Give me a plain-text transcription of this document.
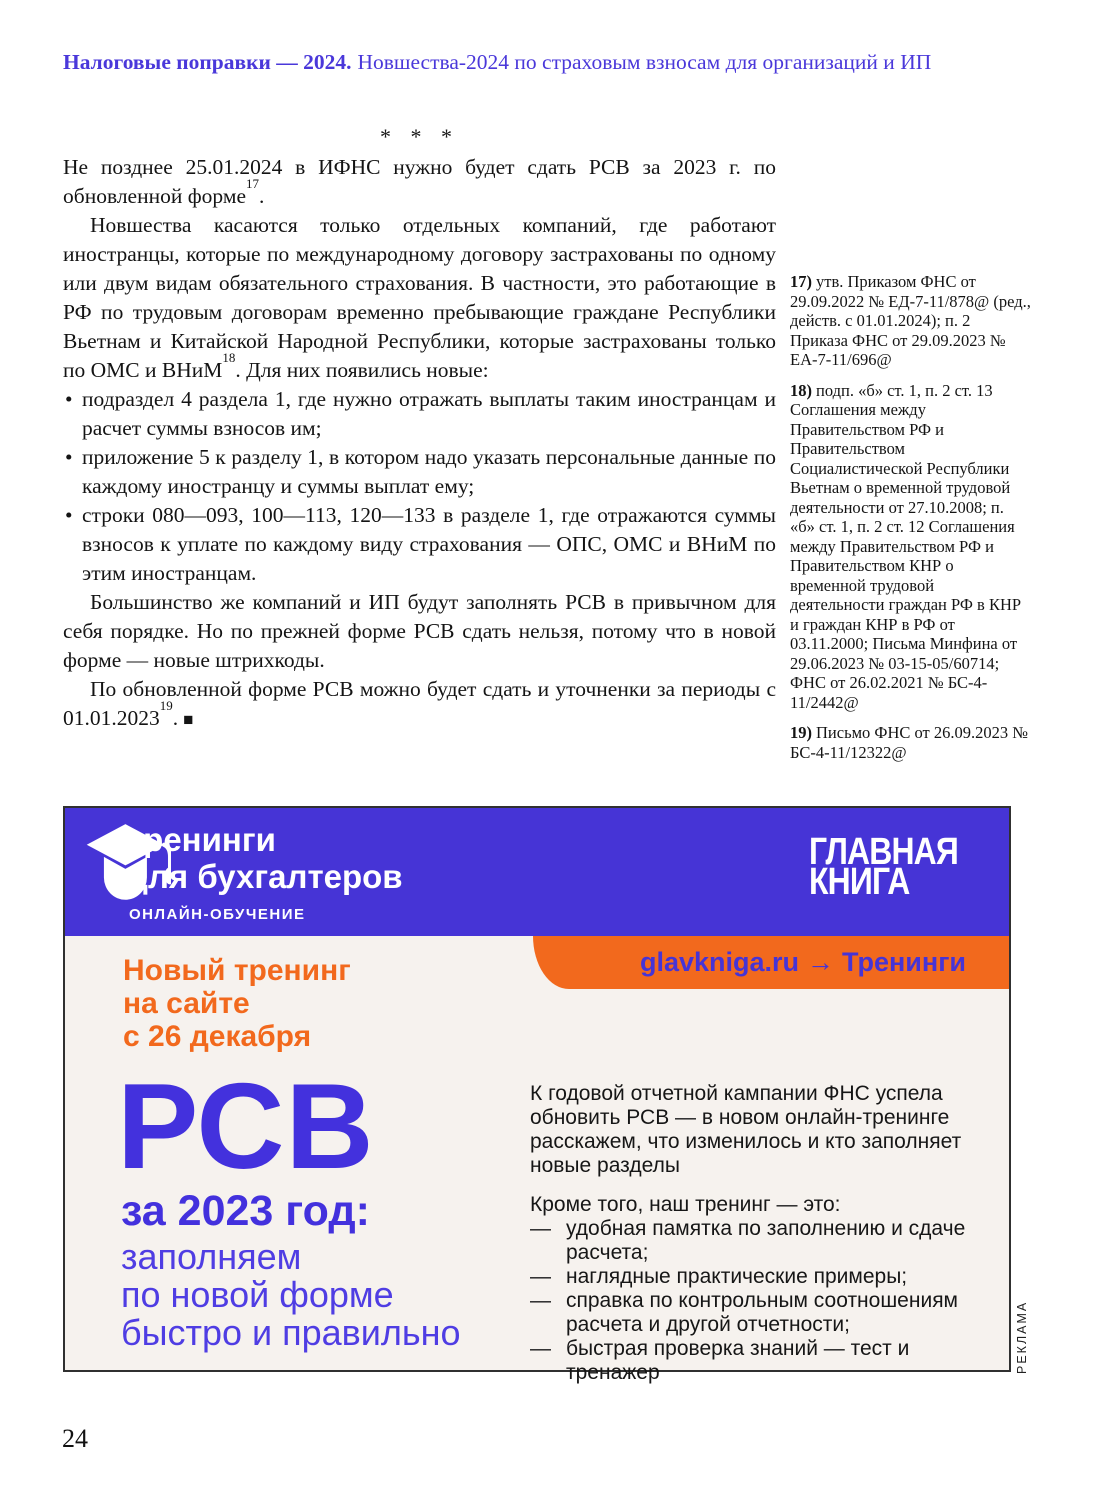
Налоговые поправки — 2024. Новшества-2024 по страховым взносам для организаций и ИП
* * *

Не позднее 25.01.2024 в ИФНС нужно будет сдать РСВ за 2023 г. по обновленной форме$^{17}$.

Новшества касаются только отдельных компаний, где работают иностранцы, которые по международному договору застрахованы по одному или двум видам обязательного страхования. В частности, это работающие в РФ по трудовым договорам временно пребывающие граждане Республики Вьетнам и Китайской Народной Республики, которые застрахованы только по ОМС и ВНиМ$^{18}$. Для них появились новые:

• подраздел 4 раздела 1, где нужно отражать выплаты таким иностранцам и расчет суммы взносов им;
• приложение 5 к разделу 1, в котором надо указать персональные данные по каждому иностранцу и суммы выплат ему;
• строки 080—093, 100—113, 120—133 в разделе 1, где отражаются суммы взносов к уплате по каждому виду страхования — ОПС, ОМС и ВНиМ по этим иностранцам.

Большинство же компаний и ИП будут заполнять РСВ в привычном для себя порядке. Но по прежней форме РСВ сдать нельзя, потому что в новой форме — новые штрихкоды.

По обновленной форме РСВ можно будет сдать и уточненки за периоды с 01.01.2023$^{19}$. ■

17) утв. Приказом ФНС от 29.09.2022 № ЕД-7-11/878@ (ред., действ. с 01.01.2024); п. 2 Приказа ФНС от 29.09.2023 № ЕА-7-11/696@
18) подп. «б» ст. 1, п. 2 ст. 13 Соглашения между Правительством РФ и Правительством Социалистической Республики Вьетнам о временной трудовой деятельности от 27.10.2008; п. «б» ст. 1, п. 2 ст. 12 Соглашения между Правительством РФ и Правительством КНР о временной трудовой деятельности граждан РФ в КНР и граждан КНР в РФ от 03.11.2000; Письма Минфина от 29.06.2023 № 03-15-05/60714; ФНС от 26.02.2021 № БС-4-11/2442@
19) Письмо ФНС от 26.09.2023 № БС-4-11/12322@
тренинги
для бухгалтеров
ОНЛАЙН-ОБУЧЕНИЕ
ГЛАВНАЯ
КНИГА
glavkniga.ru → Тренинги
Новый тренинг
на сайте
с 26 декабря
РСВ
за 2023 год:
заполняем
по новой форме
быстро и правильно

К годовой отчетной кампании ФНС успела обновить РСВ — в новом онлайн-тренинге расскажем, что изменилось и кто заполняет новые разделы

Кроме того, наш тренинг — это:

— удобная памятка по заполнению и сдаче расчета;
— наглядные практические примеры;
— справка по контрольным соотношениям расчета и другой отчетности;
— быстрая проверка знаний — тест и тренажер	РЕКЛАМА
24
